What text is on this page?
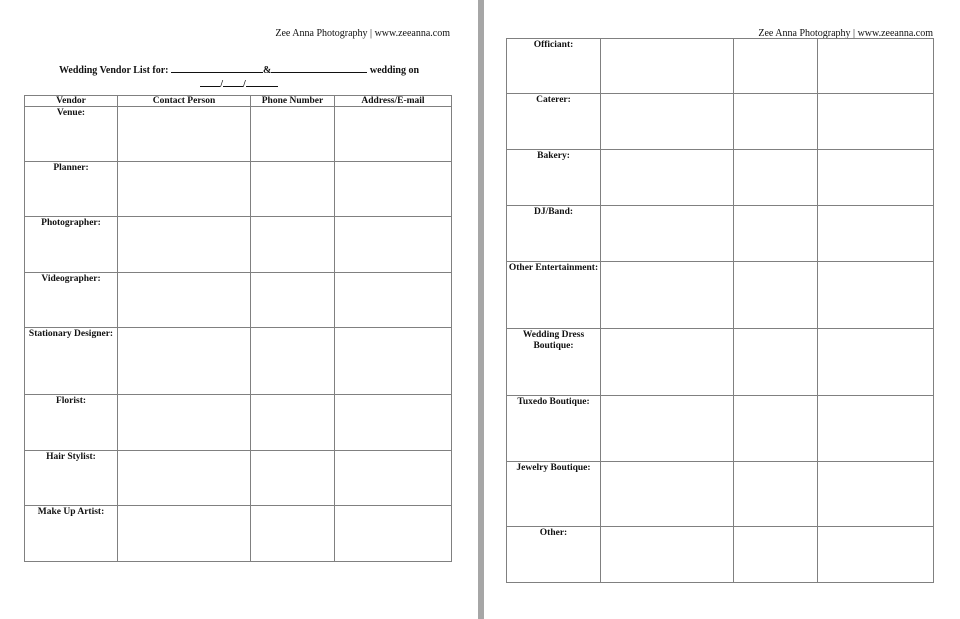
Zee Anna Photography | www.zeeanna.com
Wedding Vendor List for:	&	wedding on
/ /
Vendor	Contact Person	Phone Number	Address/E-mail
Venue:			
Planner:			
Photographer:			
Videographer:			
Stationary Designer:			
Florist:			
Hair Stylist:			
Make Up Artist:			
Zee Anna Photography | www.zeeanna.com
Officiant:			
Caterer:			
Bakery:			
DJ/Band:			
Other Entertainment:			
Wedding Dress Boutique:			
Tuxedo Boutique:			
Jewelry Boutique:			
Other:			
